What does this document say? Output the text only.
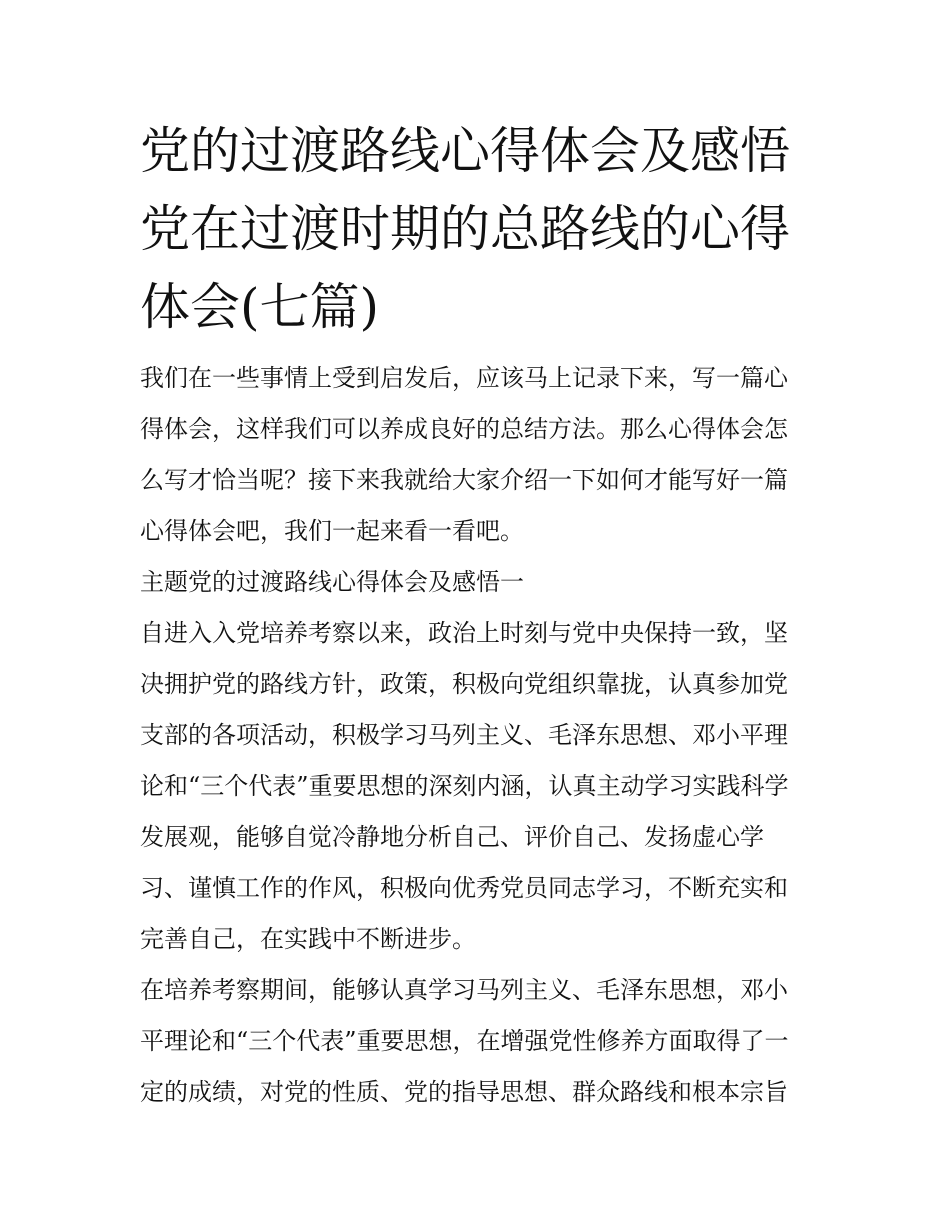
党的过渡路线心得体会及感悟
党在过渡时期的总路线的心得
体会(七篇)
我们在一些事情上受到启发后，应该马上记录下来，写一篇心
得体会，这样我们可以养成良好的总结方法。那么心得体会怎
么写才恰当呢？接下来我就给大家介绍一下如何才能写好一篇
心得体会吧，我们一起来看一看吧。
主题党的过渡路线心得体会及感悟一
自进入入党培养考察以来，政治上时刻与党中央保持一致，坚
决拥护党的路线方针，政策，积极向党组织靠拢，认真参加党
支部的各项活动，积极学习马列主义、毛泽东思想、邓小平理
论和“三个代表”重要思想的深刻内涵，认真主动学习实践科学
发展观，能够自觉冷静地分析自己、评价自己、发扬虚心学
习、谨慎工作的作风，积极向优秀党员同志学习，不断充实和
完善自己，在实践中不断进步。
在培养考察期间，能够认真学习马列主义、毛泽东思想，邓小
平理论和“三个代表”重要思想，在增强党性修养方面取得了一
定的成绩，对党的性质、党的指导思想、群众路线和根本宗旨
